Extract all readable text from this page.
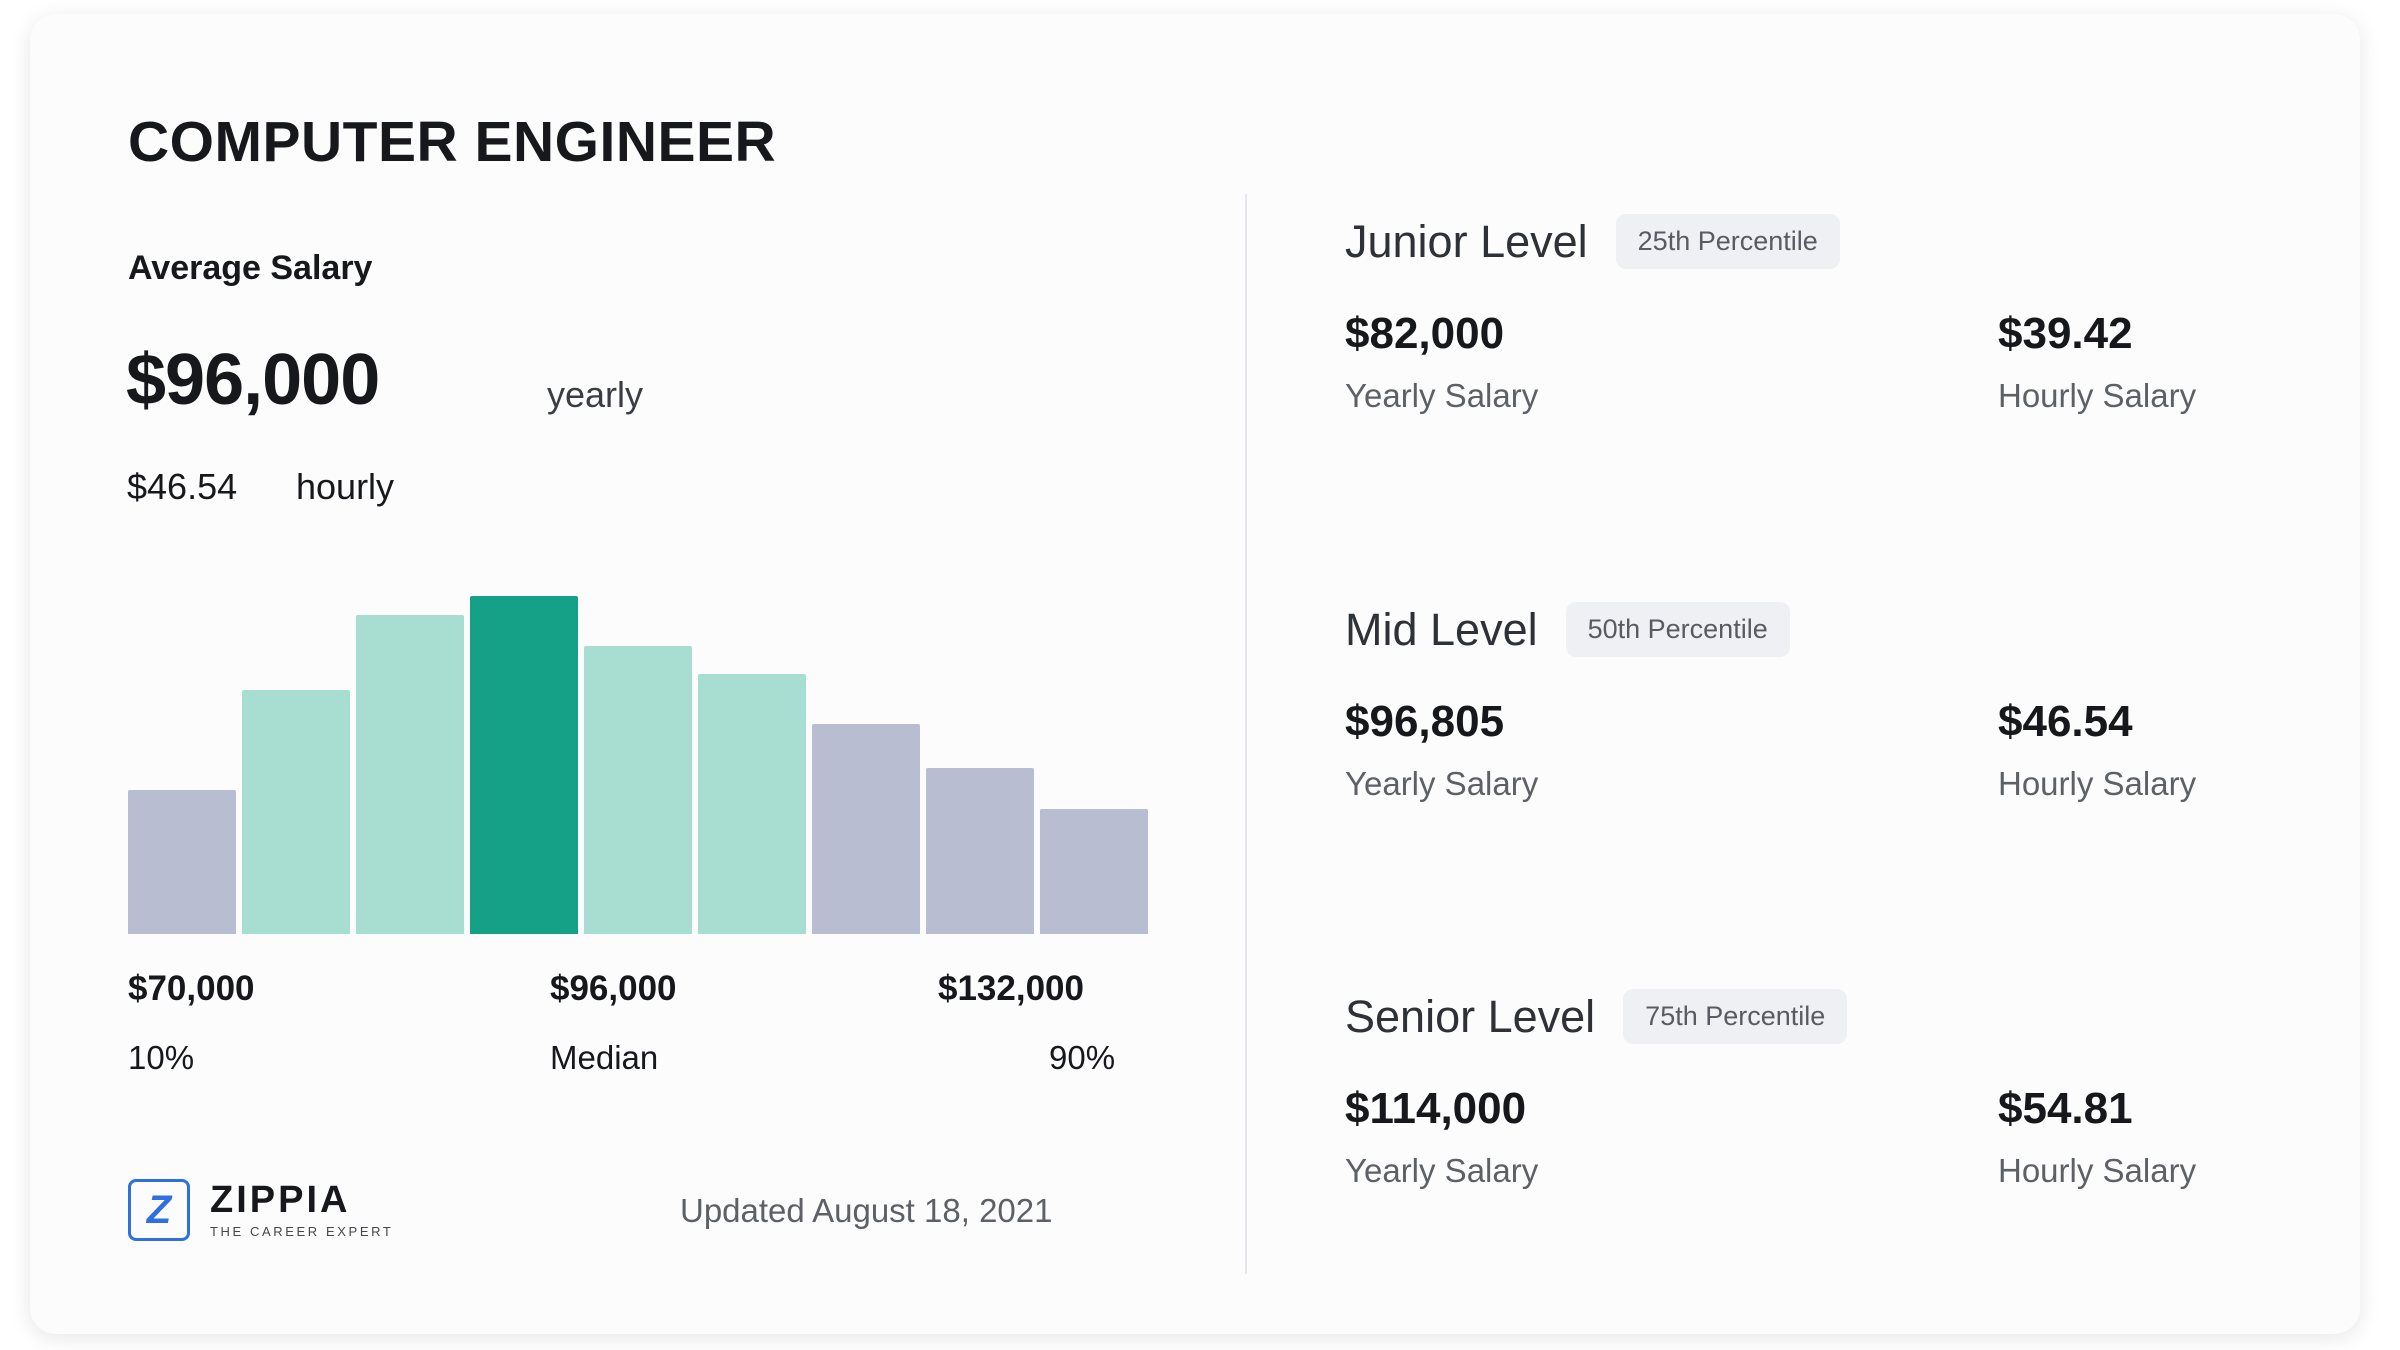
COMPUTER ENGINEER
Average Salary
$96,000	yearly
$46.54 hourly
$70,000
10%
$96,000
Median
$132,000
90%
Z ZIPPIA
THE CAREER EXPERT
Updated August 18, 2021
Junior Level	25th Percentile
$82,000
Yearly Salary
$39.42
Hourly Salary
Mid Level	50th Percentile
$96,805
Yearly Salary
$46.54
Hourly Salary
Senior Level	75th Percentile
$114,000
Yearly Salary
$54.81
Hourly Salary
